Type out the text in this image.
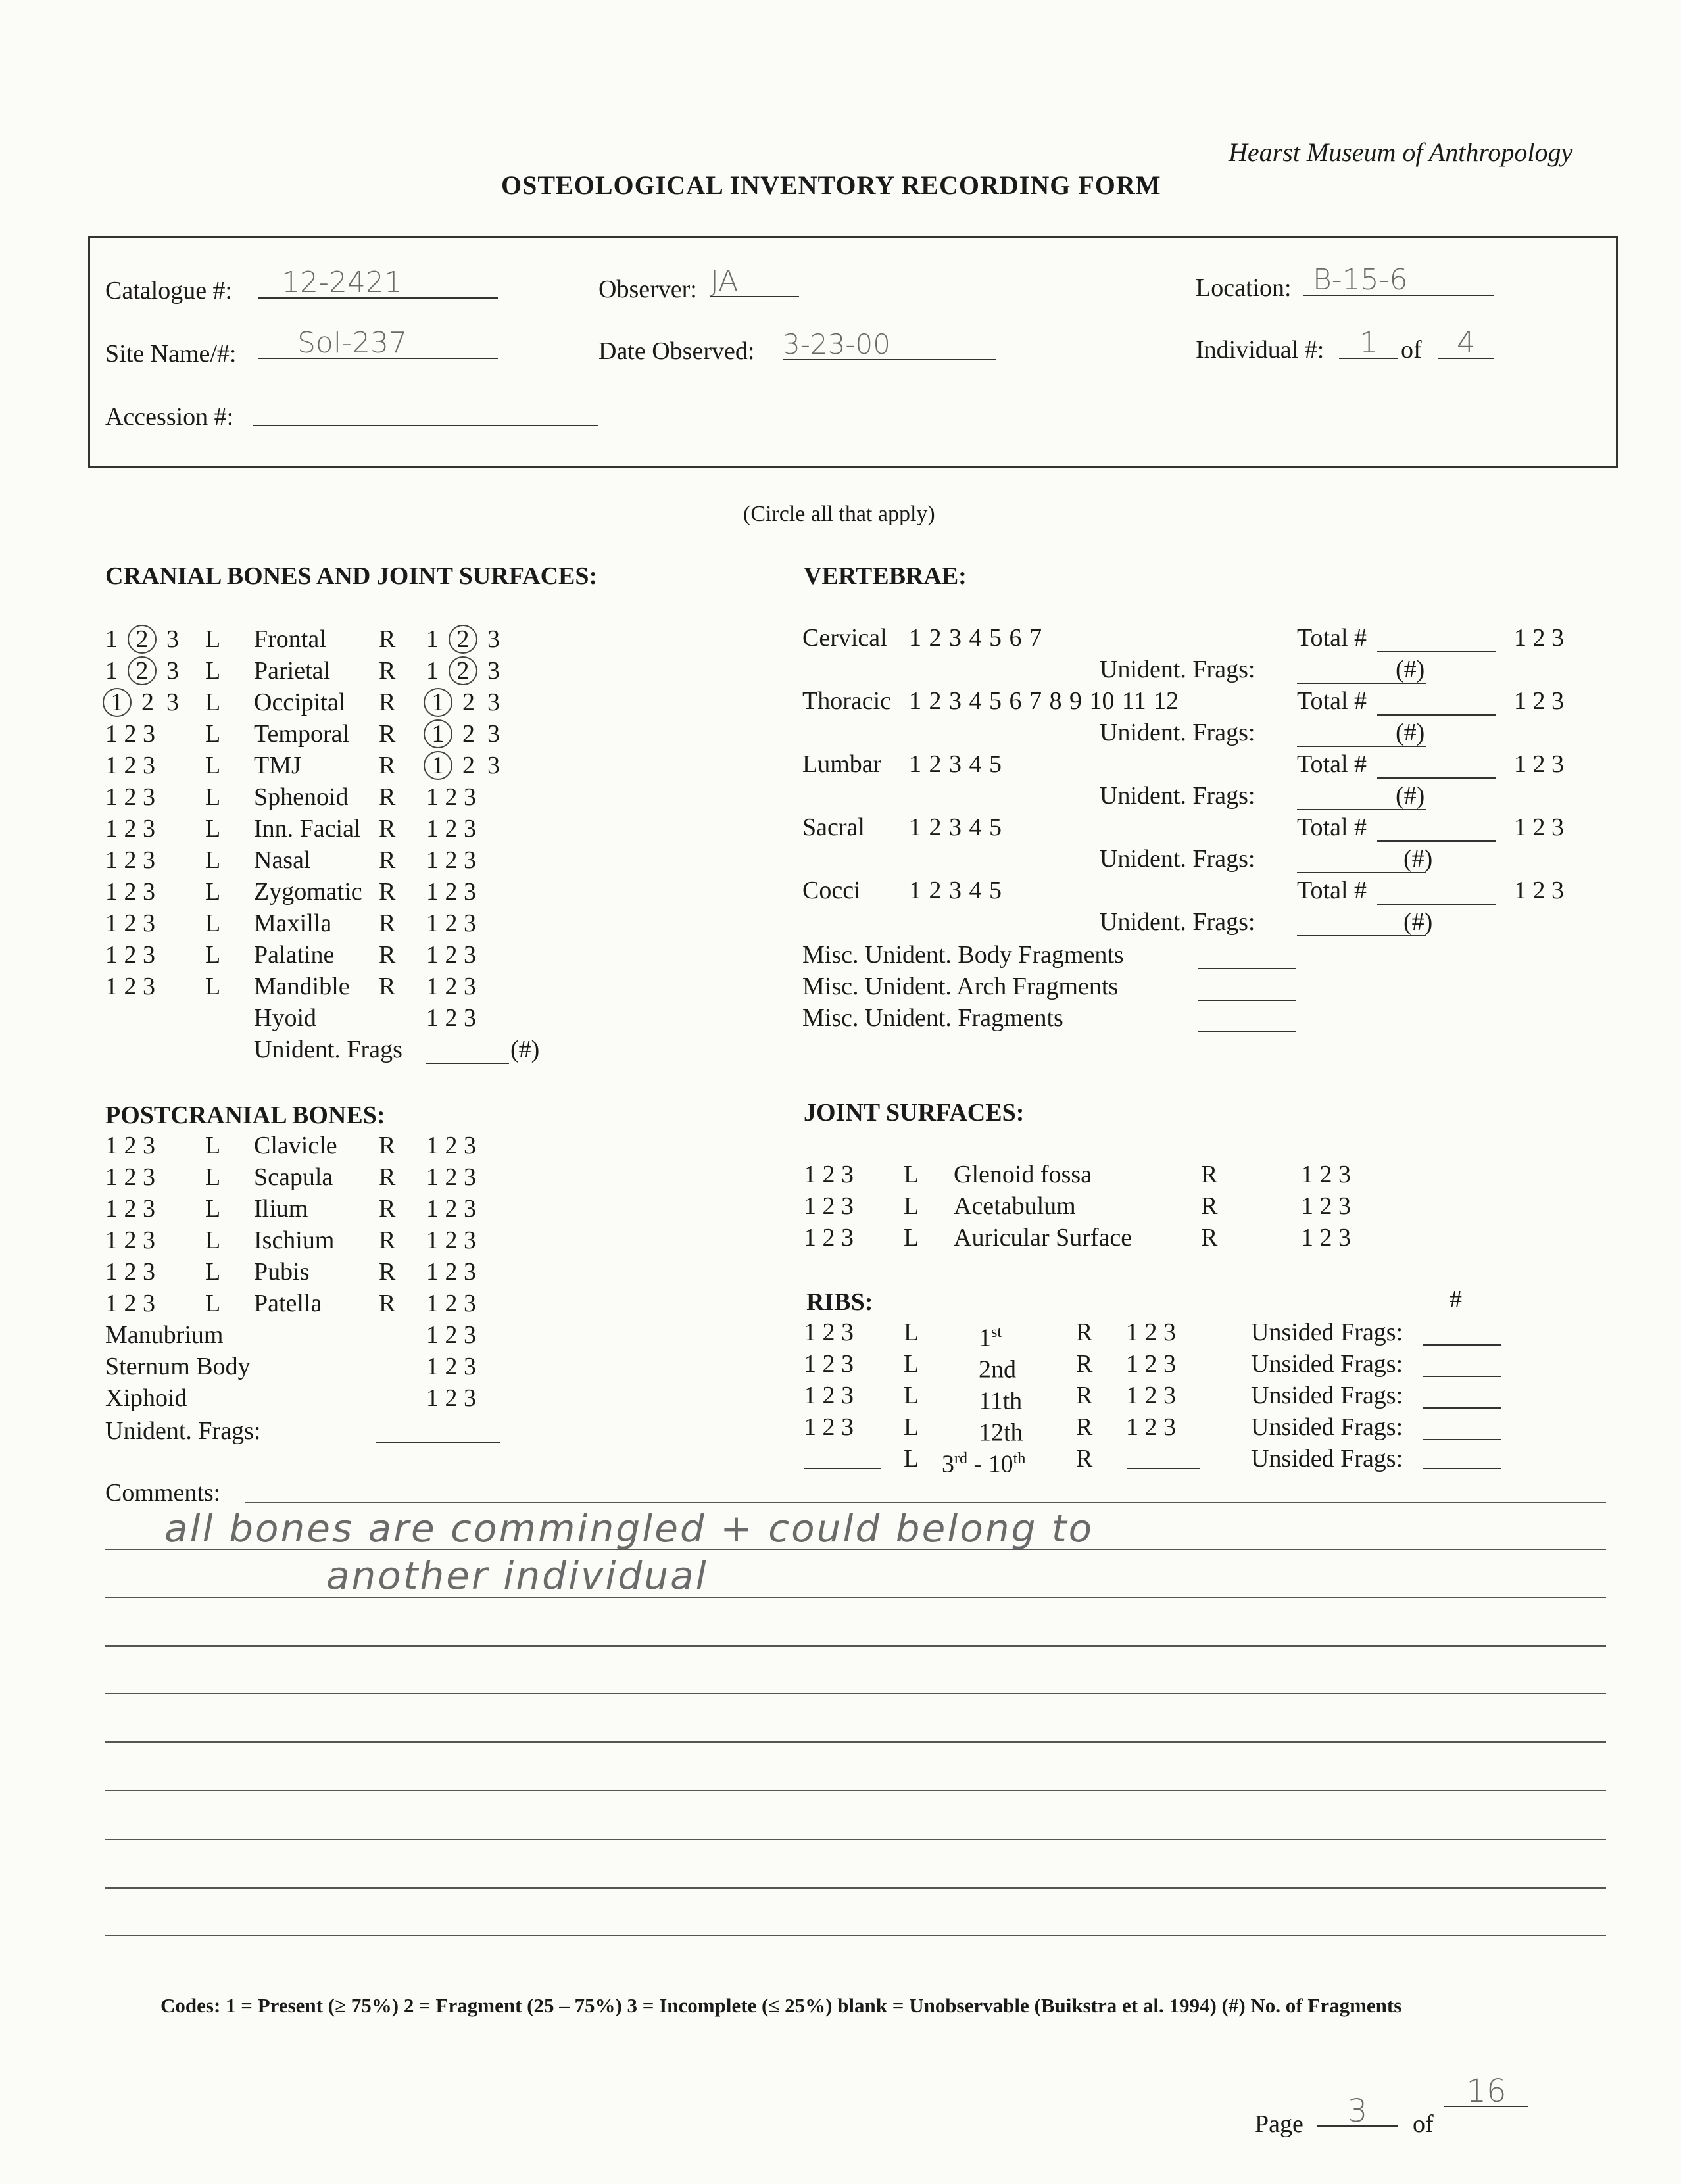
Hearst Museum of Anthropology
OSTEOLOGICAL INVENTORY RECORDING FORM
Catalogue #:	12-2421	Observer: JA	Location: B-15-6
Site Name/#:	Sol-237	Date Observed: 3-23-00	Individual #:	1 of	4
Accession #:
(Circle all that apply)
CRANIAL BONES AND JOINT SURFACES:
1 2 3 L Frontal R 1 2 3
1 2 3 L Parietal R 1 2 3
1 2 3 L Occipital R 1 2 3
1 2 3 L Temporal R 1 2 3
1 2 3 L TMJ	R 1 2 3
1 2 3 L Sphenoid R 1 2 3
1 2 3 L Inn. Facial R 1 2 3
1 2 3 L Nasal	R 1 2 3
1 2 3 L Zygomatic R 1 2 3
1 2 3 L Maxilla R 1 2 3
1 2 3 L Palatine R 1 2 3
1 2 3 L Mandible R 1 2 3
Hyoid	1 2 3
Unident. Frags	(#)
VERTEBRAE:
Cervical 1 2 3 4 5 6 7	Total #	1 2 3
Unident. Frags:	(#)
Thoracic 1 2 3 4 5 6 7 8 9 10 11 12	Total #	1 2 3
Unident. Frags:	(#)
Lumbar 1 2 3 4 5	Total #	1 2 3
Unident. Frags:	(#)
Sacral 1 2 3 4 5	Total #	1 2 3
Unident. Frags:	(#)
Cocci 1 2 3 4 5	Total #	1 2 3
Unident. Frags:	(#)
Misc. Unident. Body Fragments
Misc. Unident. Arch Fragments
Misc. Unident. Fragments
POSTCRANIAL BONES:
1 2 3 L Clavicle R 1 2 3
1 2 3 L Scapula R 1 2 3
1 2 3 L Ilium	R 1 2 3
1 2 3 L Ischium R 1 2 3
1 2 3 L Pubis	R 1 2 3
1 2 3 L Patella R 1 2 3
Manubrium	1 2 3
Sternum Body	1 2 3
Xiphoid	1 2 3
Unident. Frags:
JOINT SURFACES:
1 2 3 L Glenoid fossa	R	1 2 3
1 2 3 L Acetabulum	R	1 2 3
1 2 3 L Auricular Surface	R	1 2 3
RIBS:	#
1 2 3 L 1st	R 1 2 3	Unsided Frags:
1 2 3 L 2nd R 1 2 3	Unsided Frags:
1 2 3 L 11th R 1 2 3	Unsided Frags:
1 2 3 L 12th R 1 2 3	Unsided Frags:
L 3rd - 10th R	Unsided Frags:
Comments:
all bones are commingled + could belong to
another individual
Codes: 1 = Present (≥ 75%) 2 = Fragment (25 – 75%) 3 = Incomplete (≤ 25%) blank = Unobservable (Buikstra et al. 1994) (#) No. of Fragments
Page	3	of
16
